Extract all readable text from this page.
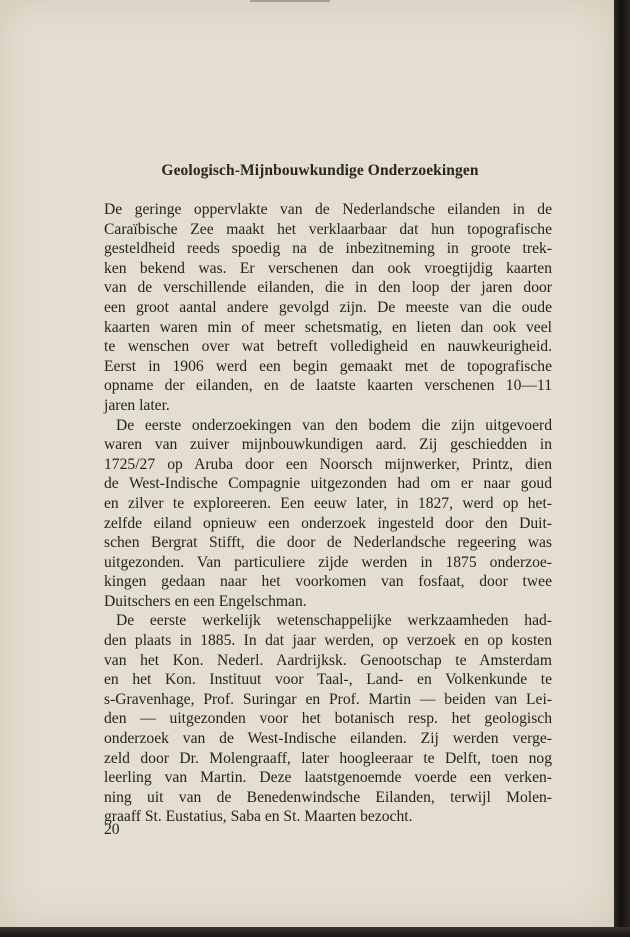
Geologisch-Mijnbouwkundige Onderzoekingen
De geringe oppervlakte van de Nederlandsche eilanden in de
Caraïbische Zee maakt het verklaarbaar dat hun topografische
gesteldheid reeds spoedig na de inbezitneming in groote trek-
ken bekend was. Er verschenen dan ook vroegtijdig kaarten
van de verschillende eilanden, die in den loop der jaren door
een groot aantal andere gevolgd zijn. De meeste van die oude
kaarten waren min of meer schetsmatig, en lieten dan ook veel
te wenschen over wat betreft volledigheid en nauwkeurigheid.
Eerst in 1906 werd een begin gemaakt met de topografische
opname der eilanden, en de laatste kaarten verschenen 10—11
jaren later.
De eerste onderzoekingen van den bodem die zijn uitgevoerd
waren van zuiver mijnbouwkundigen aard. Zij geschiedden in
1725/27 op Aruba door een Noorsch mijnwerker, Printz, dien
de West-Indische Compagnie uitgezonden had om er naar goud
en zilver te exploreeren. Een eeuw later, in 1827, werd op het-
zelfde eiland opnieuw een onderzoek ingesteld door den Duit-
schen Bergrat Stifft, die door de Nederlandsche regeering was
uitgezonden. Van particuliere zijde werden in 1875 onderzoe-
kingen gedaan naar het voorkomen van fosfaat, door twee
Duitschers en een Engelschman.
De eerste werkelijk wetenschappelijke werkzaamheden had-
den plaats in 1885. In dat jaar werden, op verzoek en op kosten
van het Kon. Nederl. Aardrijksk. Genootschap te Amsterdam
en het Kon. Instituut voor Taal-, Land- en Volkenkunde te
s-Gravenhage, Prof. Suringar en Prof. Martin — beiden van Lei-
den — uitgezonden voor het botanisch resp. het geologisch
onderzoek van de West-Indische eilanden. Zij werden verge-
zeld door Dr. Molengraaff, later hoogleeraar te Delft, toen nog
leerling van Martin. Deze laatstgenoemde voerde een verken-
ning uit van de Benedenwindsche Eilanden, terwijl Molen-
graaff St. Eustatius, Saba en St. Maarten bezocht.
20
